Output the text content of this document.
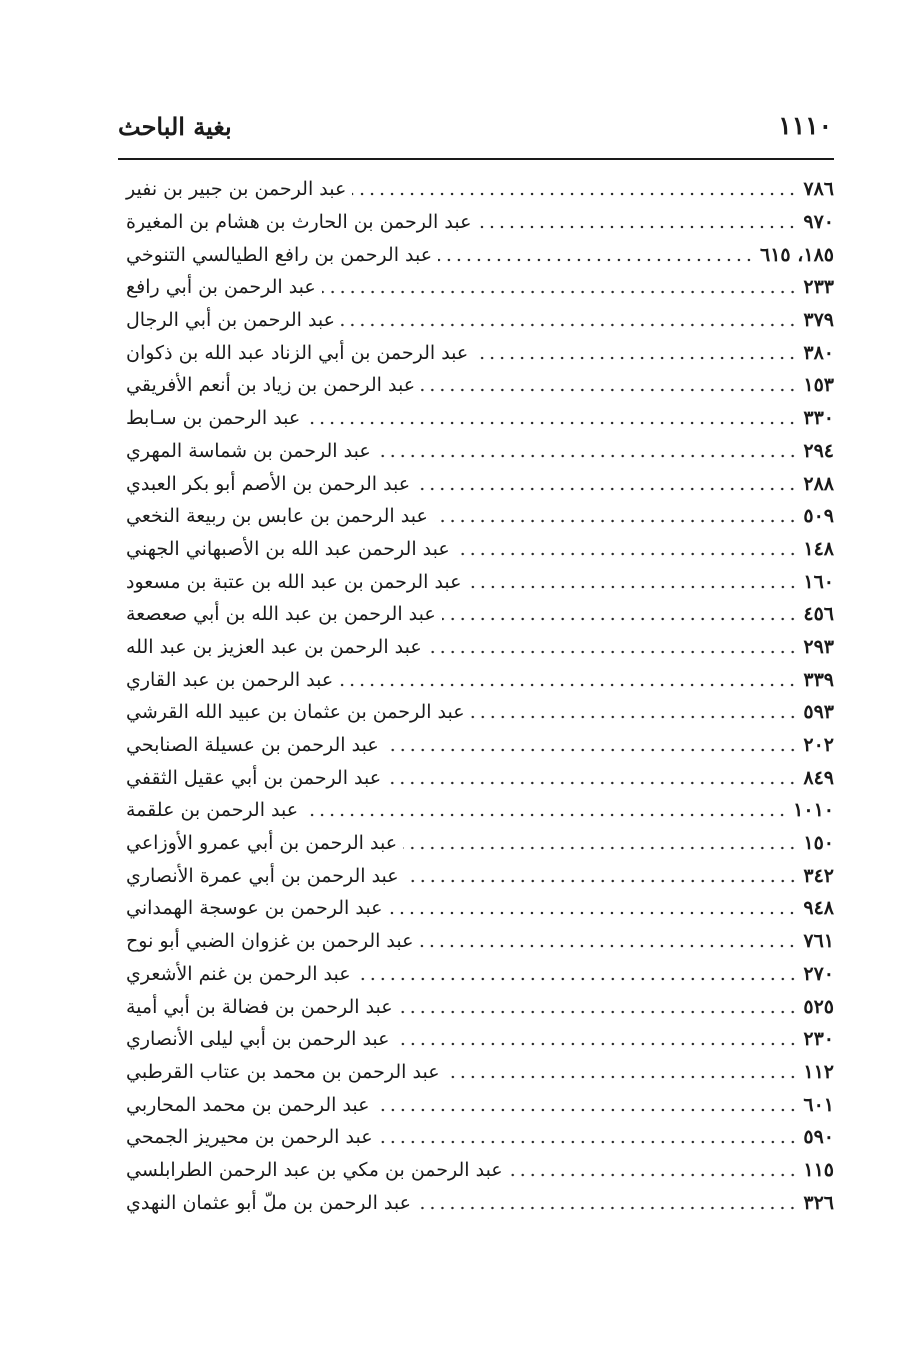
١١١٠
بغية الباحث
عبد الرحمن بن جبير بن نفير	٧٨٦
عبد الرحمن بن الحارث بن هشام بن المغيرة	٩٧٠
عبد الرحمن بن رافع الطيالسي التنوخي	١٨٥، ٦١٥
عبد الرحمن بن أبي رافع	٢٣٣
عبد الرحمن بن أبي الرجال	٣٧٩
عبد الرحمن بن أبي الزناد عبد الله بن ذكوان	٣٨٠
عبد الرحمن بن زياد بن أنعم الأفريقي	١٥٣
عبد الرحمن بن سـابط	٣٣٠
عبد الرحمن بن شماسة المهري	٢٩٤
عبد الرحمن بن الأصم أبو بكر العبدي	٢٨٨
عبد الرحمن بن عابس بن ربيعة النخعي	٥٠٩
عبد الرحمن عبد الله بن الأصبهاني الجهني	١٤٨
عبد الرحمن بن عبد الله بن عتبة بن مسعود	١٦٠
عبد الرحمن بن عبد الله بن أبي صعصعة	٤٥٦
عبد الرحمن بن عبد العزيز بن عبد الله	٢٩٣
عبد الرحمن بن عبد القاري	٣٣٩
عبد الرحمن بن عثمان بن عبيد الله القرشي	٥٩٣
عبد الرحمن بن عسيلة الصنابحي	٢٠٢
عبد الرحمن بن أبي عقيل الثقفي	٨٤٩
عبد الرحمن بن علقمة	١٠١٠
عبد الرحمن بن أبي عمرو الأوزاعي	١٥٠
عبد الرحمن بن أبي عمرة الأنصاري	٣٤٢
عبد الرحمن بن عوسجة الهمداني	٩٤٨
عبد الرحمن بن غزوان الضبي أبو نوح	٧٦١
عبد الرحمن بن غنم الأشعري	٢٧٠
عبد الرحمن بن فضالة بن أبي أمية	٥٢٥
عبد الرحمن بن أبي ليلى الأنصاري	٢٣٠
عبد الرحمن بن محمد بن عتاب القرطبي	١١٢
عبد الرحمن بن محمد المحاربي	٦٠١
عبد الرحمن بن محيريز الجمحي	٥٩٠
عبد الرحمن بن مكي بن عبد الرحمن الطرابلسي	١١٥
عبد الرحمن بن ملّ أبو عثمان النهدي	٣٢٦
